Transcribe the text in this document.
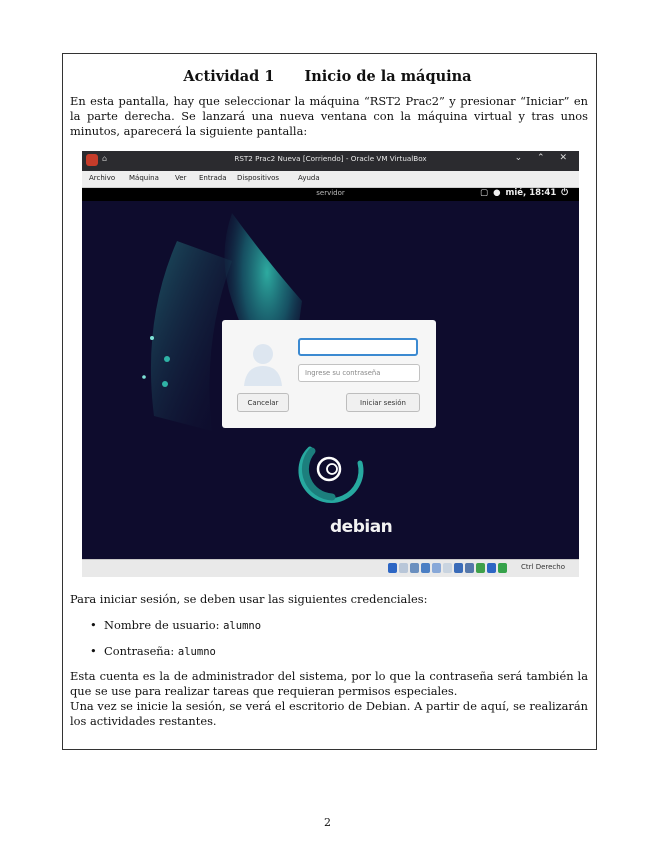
Actividad 1 Inicio de la máquina

En esta pantalla, hay que seleccionar la máquina “RST2 Prac2” y presionar “Iniciar” en la parte derecha. Se lanzará una nueva ventana con la máquina virtual y tras unos minutos, aparecerá la siguiente pantalla:

⌂	RST2 Prac2 Nueva [Corriendo] - Oracle VM VirtualBox	⌄ ⌃ ✕
Archivo Máquina Ver Entrada Dispositivos	Ayuda
servidor	▢ ● mié, 18:41 ⏻
Ingrese su contraseña
Cancelar	Iniciar sesión
debian
Ctrl Derecho

Para iniciar sesión, se deben usar las siguientes credenciales:

• Nombre de usuario: alumno
• Contraseña: alumno

Esta cuenta es la de administrador del sistema, por lo que la contraseña será también la que se use para realizar tareas que requieran permisos especiales.

Una vez se inicie la sesión, se verá el escritorio de Debian. A partir de aquí, se realizarán los actividades restantes.

2
